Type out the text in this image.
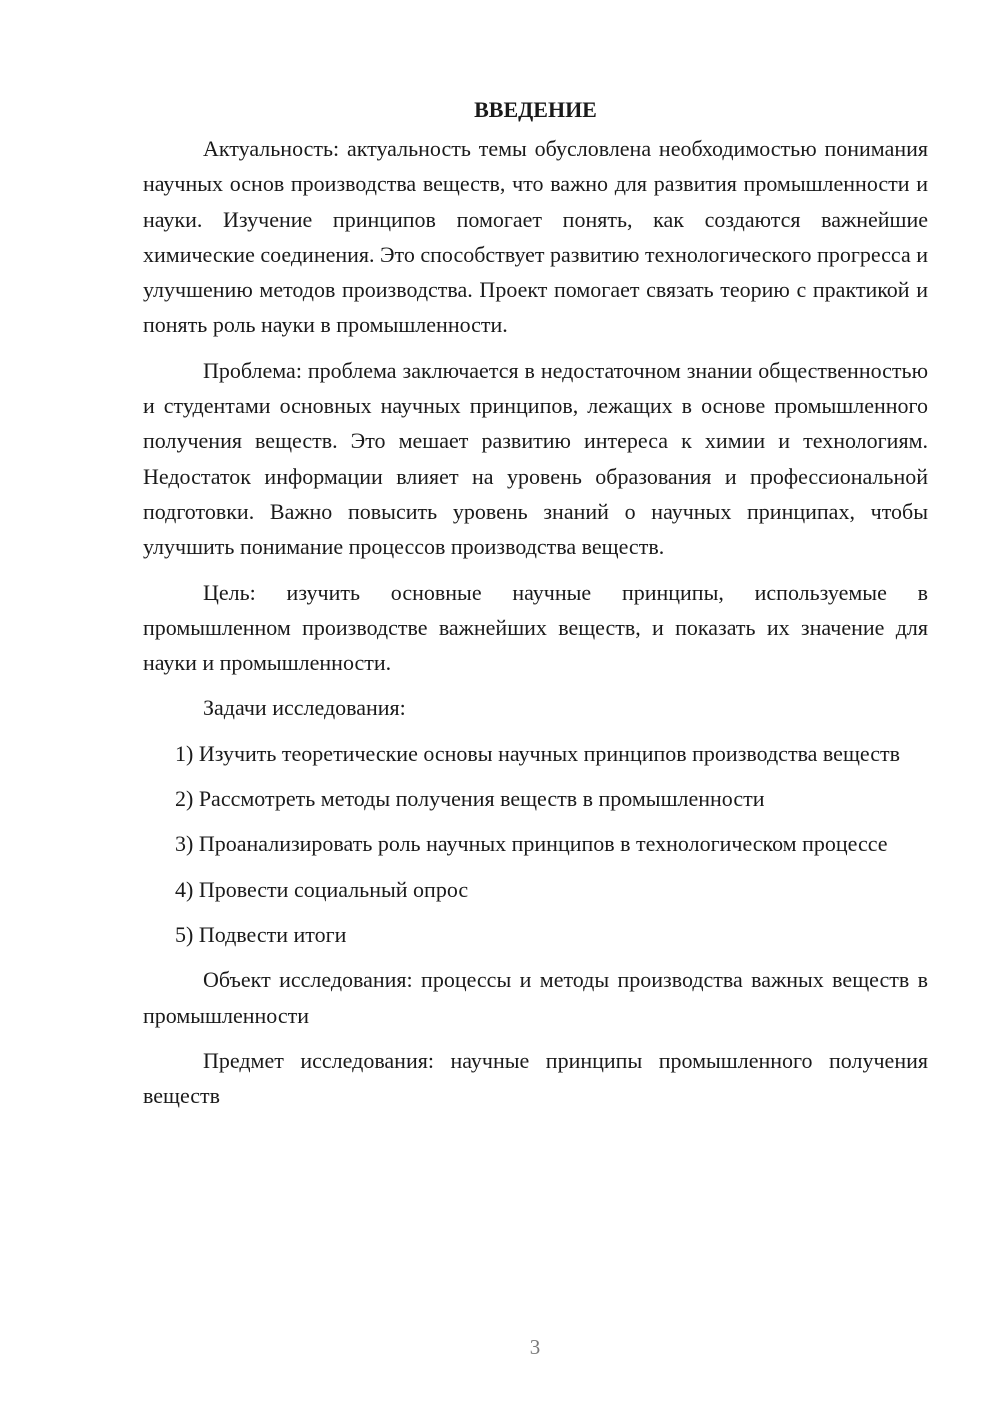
ВВЕДЕНИЕ

Актуальность: актуальность темы обусловлена необходимостью понимания научных основ производства веществ, что важно для развития промышленности и науки. Изучение принципов помогает понять, как создаются важнейшие химические соединения. Это способствует развитию технологического прогресса и улучшению методов производства. Проект помогает связать теорию с практикой и понять роль науки в промышленности.

Проблема: проблема заключается в недостаточном знании общественностью и студентами основных научных принципов, лежащих в основе промышленного получения веществ. Это мешает развитию интереса к химии и технологиям. Недостаток информации влияет на уровень образования и профессиональной подготовки. Важно повысить уровень знаний о научных принципах, чтобы улучшить понимание процессов производства веществ.

Цель: изучить основные научные принципы, используемые в промышленном производстве важнейших веществ, и показать их значение для науки и промышленности.

Задачи исследования:

1) Изучить теоретические основы научных принципов производства веществ

2) Рассмотреть методы получения веществ в промышленности

3) Проанализировать роль научных принципов в технологическом процессе

4) Провести социальный опрос

5) Подвести итоги

Объект исследования: процессы и методы производства важных веществ в промышленности

Предмет исследования: научные принципы промышленного получения веществ

3
